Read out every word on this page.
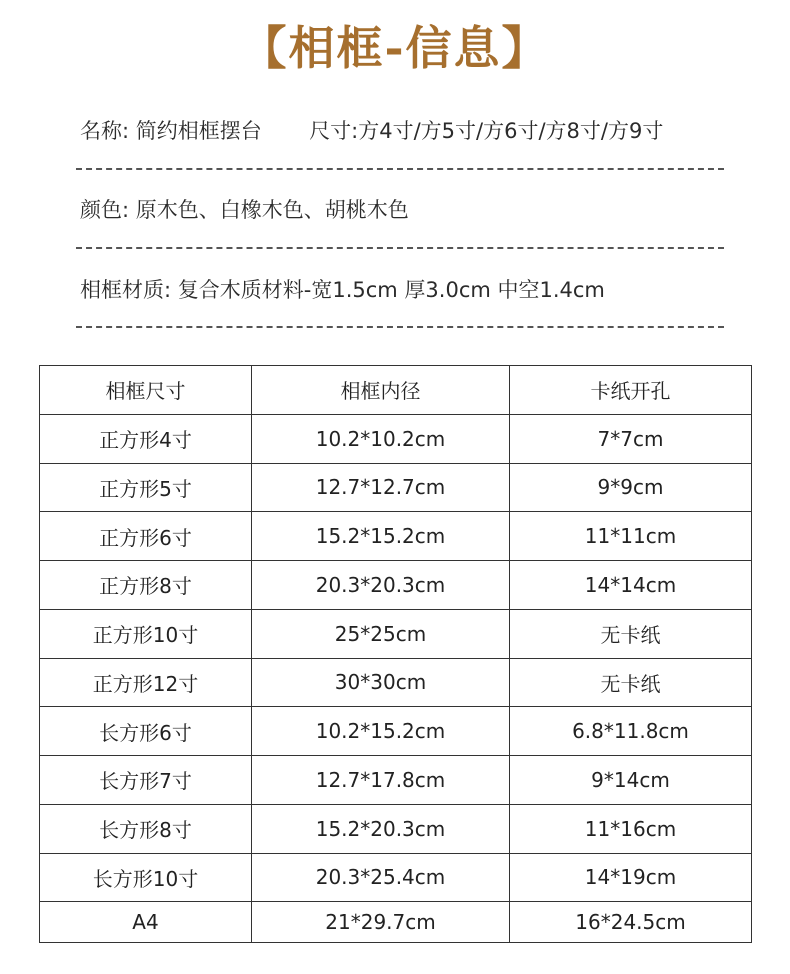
【相框-信息】
名称: 简约相框摆台 尺寸:方4寸/方5寸/方6寸/方8寸/方9寸
颜色: 原木色、白橡木色、胡桃木色
相框材质: 复合木质材料-宽1.5cm 厚3.0cm 中空1.4cm
相框尺寸	相框内径	卡纸开孔
正方形4寸	10.2*10.2cm	7*7cm
正方形5寸	12.7*12.7cm	9*9cm
正方形6寸	15.2*15.2cm	11*11cm
正方形8寸	20.3*20.3cm	14*14cm
正方形10寸	25*25cm	无卡纸
正方形12寸	30*30cm	无卡纸
长方形6寸	10.2*15.2cm	6.8*11.8cm
长方形7寸	12.7*17.8cm	9*14cm
长方形8寸	15.2*20.3cm	11*16cm
长方形10寸	20.3*25.4cm	14*19cm
A4	21*29.7cm	16*24.5cm
